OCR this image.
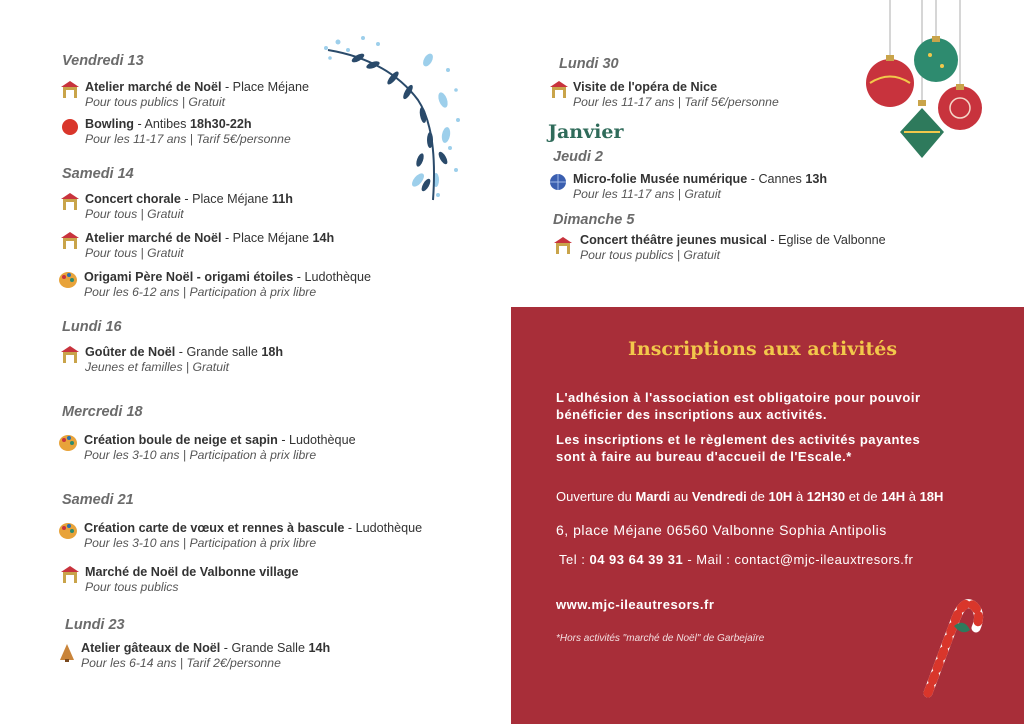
Vendredi 13
Atelier marché de Noël - Place Méjane
Pour tous publics | Gratuit
Bowling - Antibes 18h30-22h
Pour les 11-17 ans | Tarif 5€/personne
Samedi 14
Concert chorale - Place Méjane 11h
Pour tous | Gratuit
Atelier marché de Noël - Place Méjane 14h
Pour tous | Gratuit
Origami Père Noël - origami étoiles - Ludothèque
Pour les 6-12 ans | Participation à prix libre
Lundi 16
Goûter de Noël - Grande salle 18h
Jeunes et familles | Gratuit
Mercredi 18
Création boule de neige et sapin - Ludothèque
Pour les 3-10 ans | Participation à prix libre
Samedi 21
Création carte de vœux et rennes à bascule - Ludothèque
Pour les 3-10 ans | Participation à prix libre
Marché de Noël de Valbonne village
Pour tous publics
Lundi 23
Atelier gâteaux de Noël - Grande Salle 14h
Pour les 6-14 ans | Tarif 2€/personne
Lundi 30
Visite de l'opéra de Nice
Pour les 11-17 ans | Tarif 5€/personne
Janvier
Jeudi 2
Micro-folie Musée numérique - Cannes 13h
Pour les 11-17 ans | Gratuit
Dimanche 5
Concert théâtre jeunes musical - Eglise de Valbonne
Pour tous publics | Gratuit
Inscriptions aux activités
L'adhésion à l'association est obligatoire pour pouvoir
bénéficier des inscriptions aux activités.
Les inscriptions et le règlement des activités payantes
sont à faire au bureau d'accueil de l'Escale.*
Ouverture du Mardi au Vendredi de 10H à 12H30 et de 14H à 18H
6, place Méjane 06560 Valbonne Sophia Antipolis
Tel : 04 93 64 39 31 - Mail : contact@mjc-ileauxtresors.fr
www.mjc-ileautresors.fr
*Hors activités "marché de Noël" de Garbejaïre
